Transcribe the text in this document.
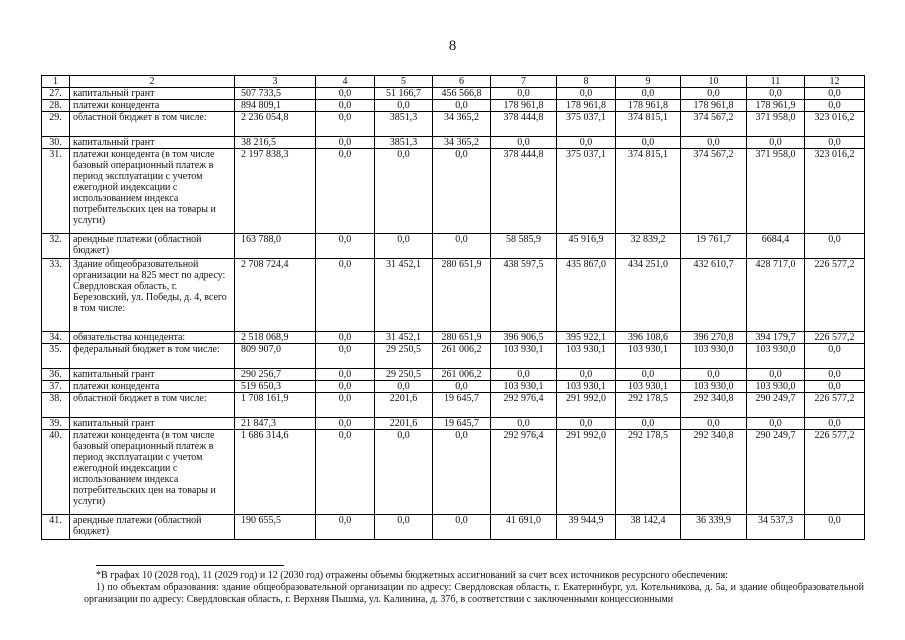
8
1	2	3	4	5	6	7	8	9	10	11	12
27.	капитальный грант	507 733,5	0,0	51 166,7	456 566,8	0,0	0,0	0,0	0,0	0,0	0,0
28.	платежи концедента	894 809,1	0,0	0,0	0,0	178 961,8	178 961,8	178 961,8	178 961,8	178 961,9	0,0
29.	областной бюджет в том числе:	2 236 054,8	0,0	3851,3	34 365,2	378 444,8	375 037,1	374 815,1	374 567,2	371 958,0	323 016,2
30.	капитальный грант	38 216,5	0,0	3851,3	34 365,2	0,0	0,0	0,0	0,0	0,0	0,0
31.	платежи концедента (в том числе базовый операционный платеж в период эксплуатации с учетом ежегодной индексации с использованием индекса потребительских цен на товары и услуги)	2 197 838,3	0,0	0,0	0,0	378 444,8	375 037,1	374 815,1	374 567,2	371 958,0	323 016,2
32.	арендные платежи (областной бюджет)	163 788,0	0,0	0,0	0,0	58 585,9	45 916,9	32 839,2	19 761,7	6684,4	0,0
33.	Здание общеобразовательной организации на 825 мест по адресу: Свердловская область, г. Березовский, ул. Победы, д. 4, всего в том числе:	2 708 724,4	0,0	31 452,1	280 651,9	438 597,5	435 867,0	434 251,0	432 610,7	428 717,0	226 577,2
34.	обязательства концедента:	2 518 068,9	0,0	31 452,1	280 651,9	396 906,5	395 922,1	396 108,6	396 270,8	394 179,7	226 577,2
35.	федеральный бюджет в том числе:	809 907,0	0,0	29 250,5	261 006,2	103 930,1	103 930,1	103 930,1	103 930,0	103 930,0	0,0
36.	капитальный грант	290 256,7	0,0	29 250,5	261 006,2	0,0	0,0	0,0	0,0	0,0	0,0
37.	платежи концедента	519 650,3	0,0	0,0	0,0	103 930,1	103 930,1	103 930,1	103 930,0	103 930,0	0,0
38.	областной бюджет в том числе:	1 708 161,9	0,0	2201,6	19 645,7	292 976,4	291 992,0	292 178,5	292 340,8	290 249,7	226 577,2
39.	капитальный грант	21 847,3	0,0	2201,6	19 645,7	0,0	0,0	0,0	0,0	0,0	0,0
40.	платежи концедента (в том числе базовый операционный платеж в период эксплуатации с учетом ежегодной индексации с использованием индекса потребительских цен на товары и услуги)	1 686 314,6	0,0	0,0	0,0	292 976,4	291 992,0	292 178,5	292 340,8	290 249,7	226 577,2
41.	арендные платежи (областной бюджет)	190 655,5	0,0	0,0	0,0	41 691,0	39 944,9	38 142,4	36 339,9	34 537,3	0,0

*В графах 10 (2028 год), 11 (2029 год) и 12 (2030 год) отражены объемы бюджетных ассигнований за счет всех источников ресурсного обеспечения:

1) по объектам образования: здание общеобразовательной организации по адресу: Свердловская область, г. Екатеринбург, ул. Котельникова, д. 5а, и здание общеобразовательной организации по адресу: Свердловская область, г. Верхняя Пышма, ул. Калинина, д. 37б, в соответствии с заключенными концессионными
